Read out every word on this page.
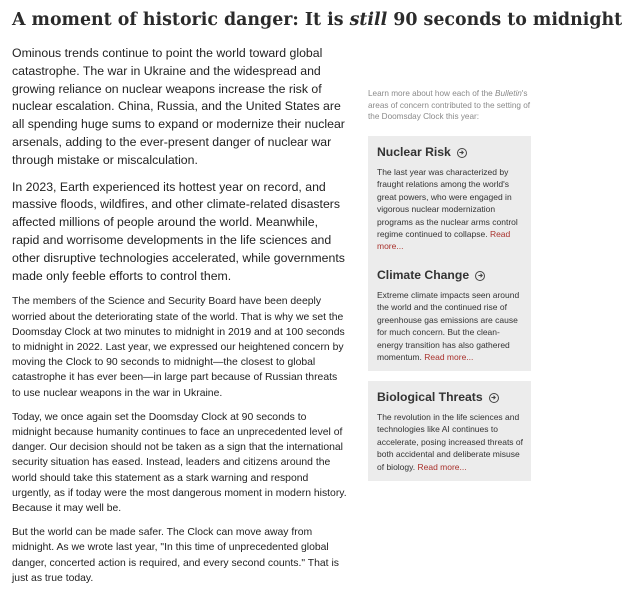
A moment of historic danger: It is still 90 seconds to midnight

Ominous trends continue to point the world toward global catastrophe. The war in Ukraine and the widespread and growing reliance on nuclear weapons increase the risk of nuclear escalation. China, Russia, and the United States are all spending huge sums to expand or modernize their nuclear arsenals, adding to the ever-present danger of nuclear war through mistake or miscalculation.

In 2023, Earth experienced its hottest year on record, and massive floods, wildfires, and other climate-related disasters affected millions of people around the world. Meanwhile, rapid and worrisome developments in the life sciences and other disruptive technologies accelerated, while governments made only feeble efforts to control them.

The members of the Science and Security Board have been deeply worried about the deteriorating state of the world. That is why we set the Doomsday Clock at two minutes to midnight in 2019 and at 100 seconds to midnight in 2022. Last year, we expressed our heightened concern by moving the Clock to 90 seconds to midnight—the closest to global catastrophe it has ever been—in large part because of Russian threats to use nuclear weapons in the war in Ukraine.

Today, we once again set the Doomsday Clock at 90 seconds to midnight because humanity continues to face an unprecedented level of danger. Our decision should not be taken as a sign that the international security situation has eased. Instead, leaders and citizens around the world should take this statement as a stark warning and respond urgently, as if today were the most dangerous moment in modern history. Because it may well be.

But the world can be made safer. The Clock can move away from midnight. As we wrote last year, "In this time of unprecedented global danger, concerted action is required, and every second counts." That is just as true today.

Learn more about how each of the Bulletin's areas of concern contributed to the setting of the Doomsday Clock this year:

Nuclear Risk

The last year was characterized by fraught relations among the world's great powers, who were engaged in vigorous nuclear modernization programs as the nuclear arms control regime continued to collapse. Read more...

Climate Change

Extreme climate impacts seen around the world and the continued rise of greenhouse gas emissions are cause for much concern. But the clean-energy transition has also gathered momentum. Read more...

Biological Threats

The revolution in the life sciences and technologies like AI continues to accelerate, posing increased threats of both accidental and deliberate misuse of biology. Read more...
